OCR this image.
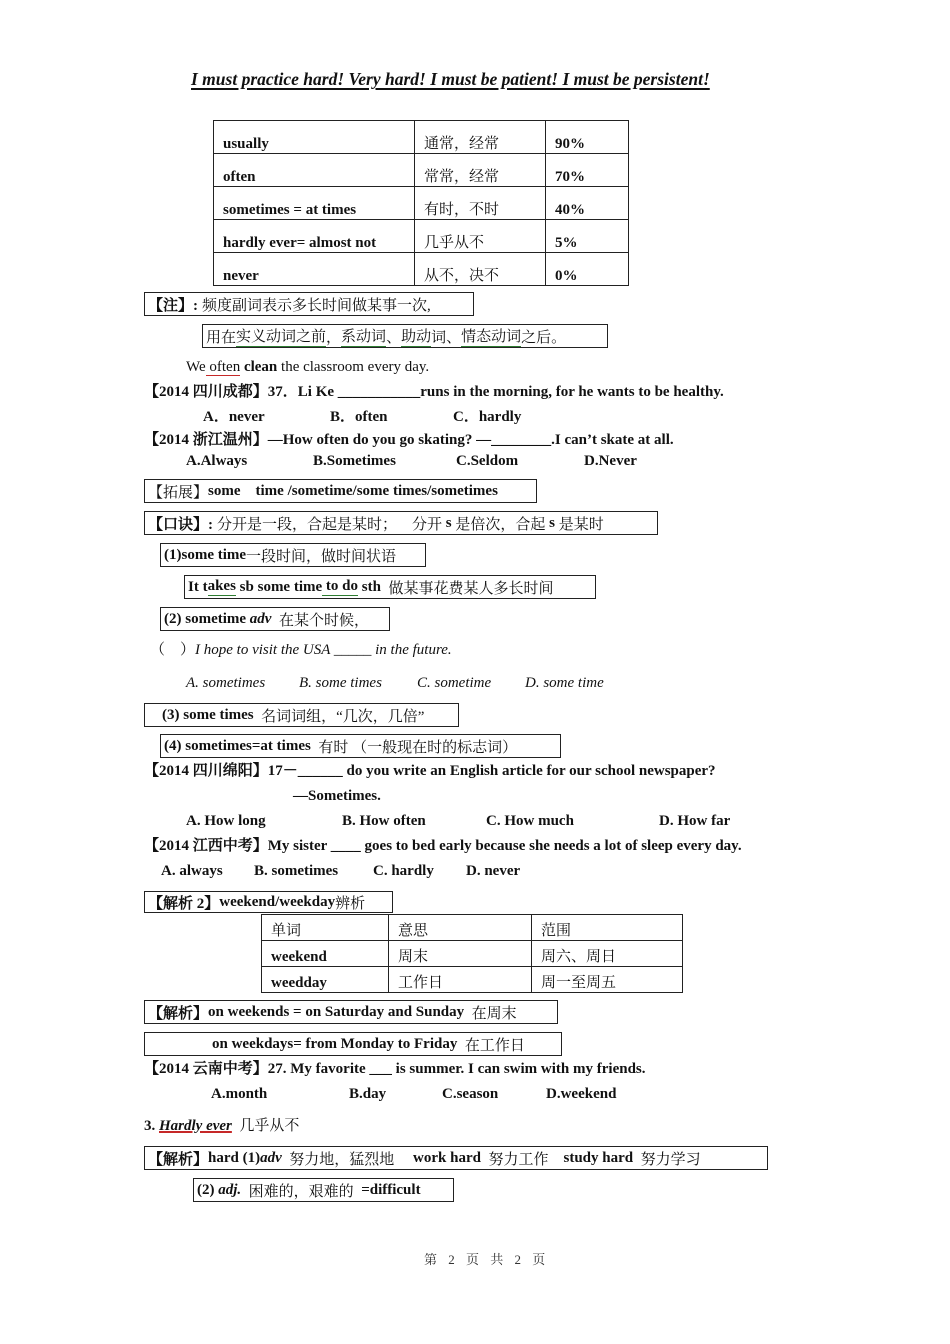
I must practice hard! Very hard! I must be patient! I must be persistent!
usually	通常，经常	90%
often	常常，经常	70%
sometimes = at times	有时，不时	40%
hardly ever= almost not	几乎从不	5%
never	从不，决不	0%
【注】: 频度副词表示多长时间做某事一次,
用在 实义动词之前 ， 系动词 、 助动 词、 情态动词 之后。
We often clean the classroom every day.
【2014 四川成都】37．Li Ke ___________runs in the morning, for he wants to be healthy.
A．never	B．often	C．hardly
【2014 浙江温州】—How often do you go skating? —________.I can’t skate at all.
A.Always	B.Sometimes	C.Seldom	D.Never
【拓展】 some    time /sometime/some times/sometimes
【口诀】: 分开是一段，合起是某时；    分开 s 是倍次，合起 s 是某时
(1)some time 一段时间，做时间状语
It t akes sb some time to do sth 做某事花费某人多长时间
(2) sometime adv 在某个时候，
（    ）I hope to visit the USA _____ in the future.
A. sometimes B. some times C. sometime D. some time
(3) some times 名词词组，“几次，几倍”
(4) sometimes=at times 有时 （一般现在时的标志词）
【2014 四川绵阳】17－______ do you write an English article for our school newspaper?
—Sometimes.
A. How long	B. How often	C. How much	D. How far
【2014 江西中考】My sister ____ goes to bed early because she needs a lot of sleep every day.
A. always B. sometimes C. hardly D. never
【解析 2】 weekend/weekday 辨析
单词	意思	范围
weekend	周末	周六、周日
weedday	工作日	周一至周五
【解析】 on weekends = on Saturday and Sunday 在周末
on weekdays= from Monday to Friday 在工作日
【2014 云南中考】27. My favorite ___ is summer. I can swim with my friends.
A.month	B.day	C.season	D.weekend
3. Hardly ever  几乎从不
【解析】 hard (1) adv 努力地，猛烈地 work hard 努力工作 study hard 努力学习
(2) adj. 困难的，艰难的 =difficult
第 2 页 共 2 页
